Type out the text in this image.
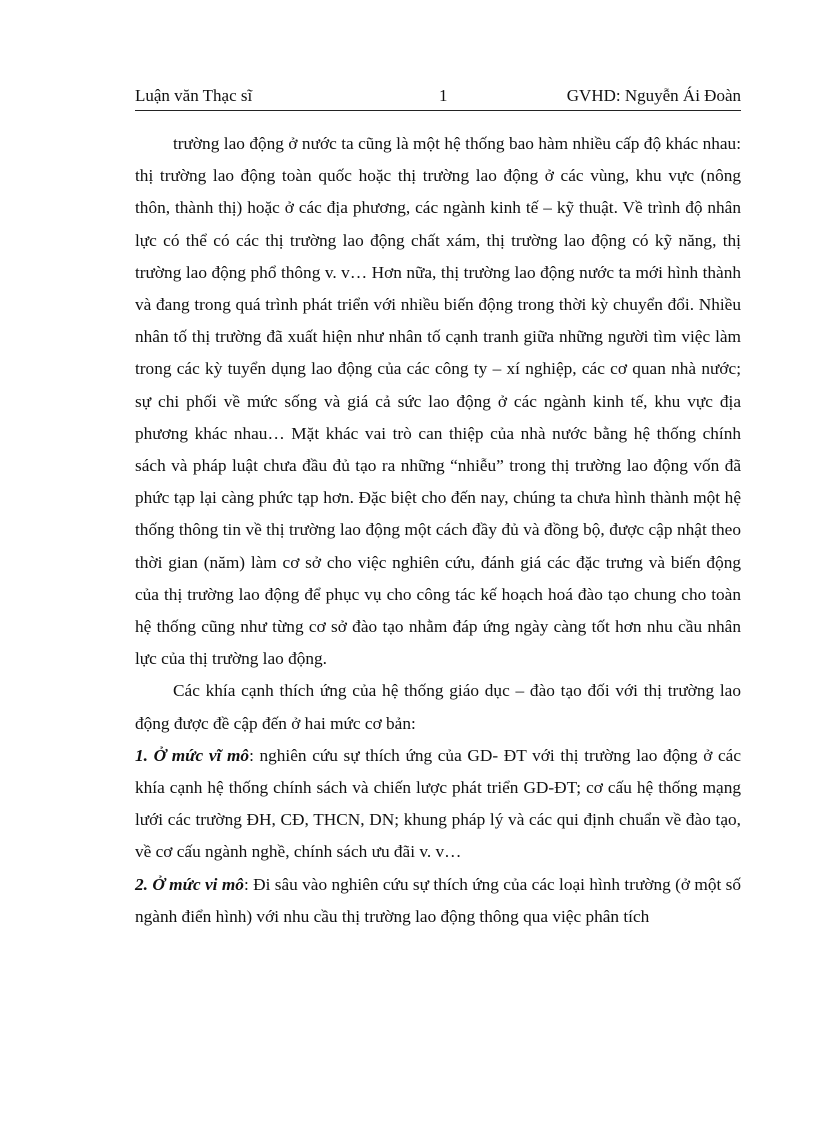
Luận văn Thạc sĩ	1	GVHD: Nguyễn Ái Đoàn

trường lao động ở nước ta cũng là một hệ thống bao hàm nhiều cấp độ khác nhau: thị trường lao động toàn quốc hoặc thị trường lao động ở các vùng, khu vực (nông thôn, thành thị) hoặc ở các địa phương, các ngành kinh tế – kỹ thuật. Về trình độ nhân lực có thể có các thị trường lao động chất xám, thị trường lao động có kỹ năng, thị trường lao động phổ thông v. v… Hơn nữa, thị trường lao động nước ta mới hình thành và đang trong quá trình phát triển với nhiều biến động trong thời kỳ chuyển đổi. Nhiều nhân tố thị trường đã xuất hiện như nhân tố cạnh tranh giữa những người tìm việc làm trong các kỳ tuyển dụng lao động của các công ty – xí nghiệp, các cơ quan nhà nước; sự chi phối về mức sống và giá cả sức lao động ở các ngành kinh tế, khu vực địa phương khác nhau… Mặt khác vai trò can thiệp của nhà nước bằng hệ thống chính sách và pháp luật chưa đầu đủ tạo ra những “nhiễu” trong thị trường lao động vốn đã phức tạp lại càng phức tạp hơn. Đặc biệt cho đến nay, chúng ta chưa hình thành một hệ thống thông tin về thị trường lao động một cách đầy đủ và đồng bộ, được cập nhật theo thời gian (năm) làm cơ sở cho việc nghiên cứu, đánh giá các đặc trưng và biến động của thị trường lao động để phục vụ cho công tác kế hoạch hoá đào tạo chung cho toàn hệ thống cũng như từng cơ sở đào tạo nhằm đáp ứng ngày càng tốt hơn nhu cầu nhân lực của thị trường lao động.

Các khía cạnh thích ứng của hệ thống giáo dục – đào tạo đối với thị trường lao động được đề cập đến ở hai mức cơ bản:

1. Ở mức vĩ mô: nghiên cứu sự thích ứng của GD- ĐT với thị trường lao động ở các khía cạnh hệ thống chính sách và chiến lược phát triển GD-ĐT; cơ cấu hệ thống mạng lưới các trường ĐH, CĐ, THCN, DN; khung pháp lý và các qui định chuẩn về đào tạo, về cơ cấu ngành nghề, chính sách ưu đãi v. v…

2. Ở mức vi mô: Đi sâu vào nghiên cứu sự thích ứng của các loại hình trường (ở một số ngành điển hình) với nhu cầu thị trường lao động thông qua việc phân tích
